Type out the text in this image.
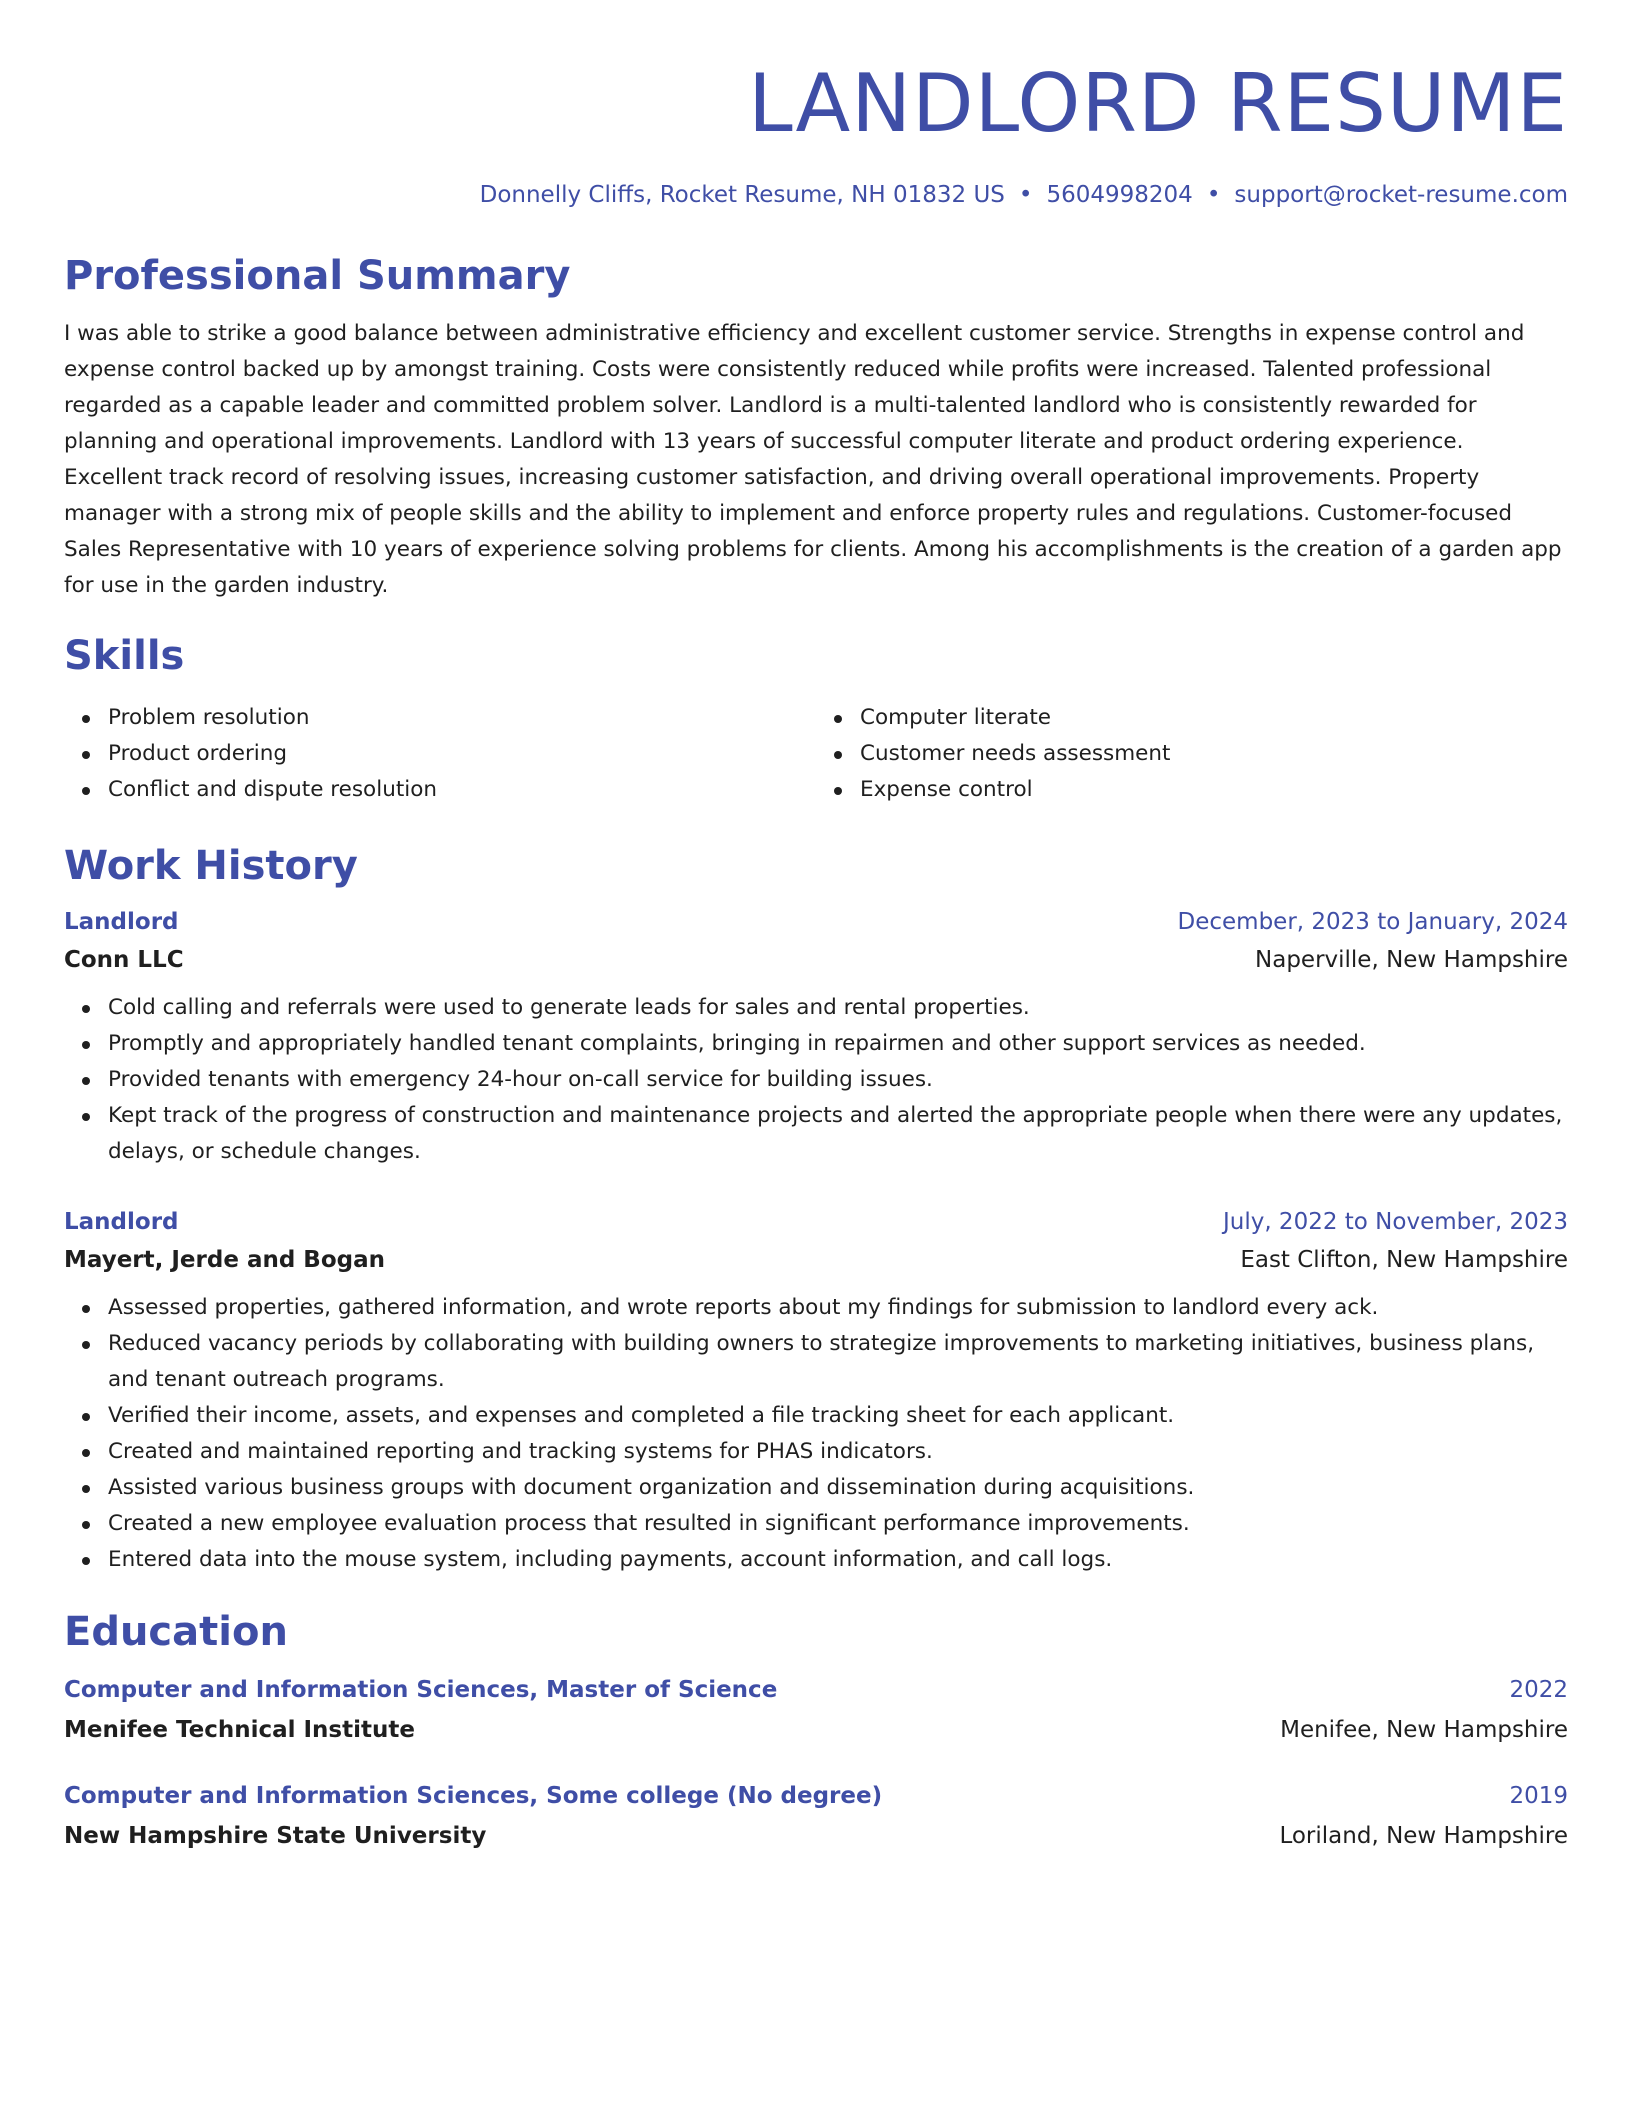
LANDLORD RESUME
Donnelly Cliffs, Rocket Resume, NH 01832 US • 5604998204 • support@rocket-resume.com
Professional Summary
I was able to strike a good balance between administrative efficiency and excellent customer service. Strengths in expense control and expense control backed up by amongst training. Costs were consistently reduced while profits were increased. Talented professional regarded as a capable leader and committed problem solver. Landlord is a multi-talented landlord who is consistently rewarded for planning and operational improvements. Landlord with 13 years of successful computer literate and product ordering experience. Excellent track record of resolving issues, increasing customer satisfaction, and driving overall operational improvements. Property manager with a strong mix of people skills and the ability to implement and enforce property rules and regulations. Customer-focused Sales Representative with 10 years of experience solving problems for clients. Among his accomplishments is the creation of a garden app for use in the garden industry.
Skills
Problem resolution
Product ordering
Conflict and dispute resolution
Computer literate
Customer needs assessment
Expense control
Work History
Landlord	December, 2023 to January, 2024
Conn LLC	Naperville, New Hampshire
Cold calling and referrals were used to generate leads for sales and rental properties.
Promptly and appropriately handled tenant complaints, bringing in repairmen and other support services as needed.
Provided tenants with emergency 24-hour on-call service for building issues.
Kept track of the progress of construction and maintenance projects and alerted the appropriate people when there were any updates, delays, or schedule changes.
Landlord	July, 2022 to November, 2023
Mayert, Jerde and Bogan	East Clifton, New Hampshire
Assessed properties, gathered information, and wrote reports about my findings for submission to landlord every ack.
Reduced vacancy periods by collaborating with building owners to strategize improvements to marketing initiatives, business plans, and tenant outreach programs.
Verified their income, assets, and expenses and completed a file tracking sheet for each applicant.
Created and maintained reporting and tracking systems for PHAS indicators.
Assisted various business groups with document organization and dissemination during acquisitions.
Created a new employee evaluation process that resulted in significant performance improvements.
Entered data into the mouse system, including payments, account information, and call logs.
Education
Computer and Information Sciences, Master of Science	2022
Menifee Technical Institute	Menifee, New Hampshire
Computer and Information Sciences, Some college (No degree)	2019
New Hampshire State University	Loriland, New Hampshire
